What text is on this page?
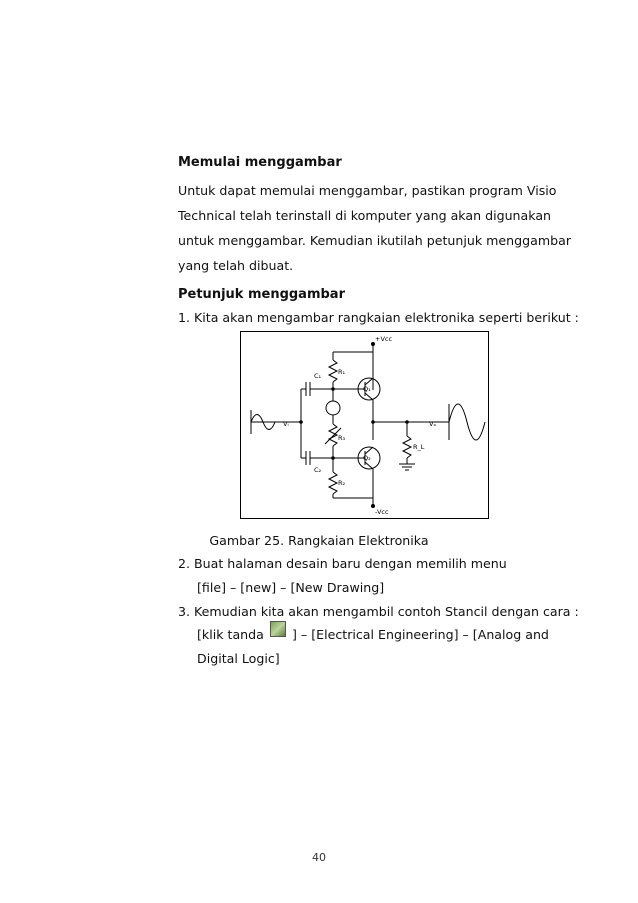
Memulai menggambar
Untuk dapat memulai menggambar, pastikan program Visio
Technical telah terinstall di komputer yang akan digunakan
untuk menggambar. Kemudian ikutilah petunjuk menggambar
yang telah dibuat.
Petunjuk menggambar
1. Kita akan mengambar rangkaian elektronika seperti berikut :
+Vcc
-Vcc
R₁
R₃
R₂
R_L
C₁
C₂
Q₁
Q₂
Vᵢ	Vₒ
Gambar 25. Rangkaian Elektronika
2. Buat halaman desain baru dengan memilih menu
[file] – [new] – [New Drawing]
3. Kemudian kita akan mengambil contoh Stancil dengan cara :
[klik tanda ] – [Electrical Engineering] – [Analog and
Digital Logic]
40
